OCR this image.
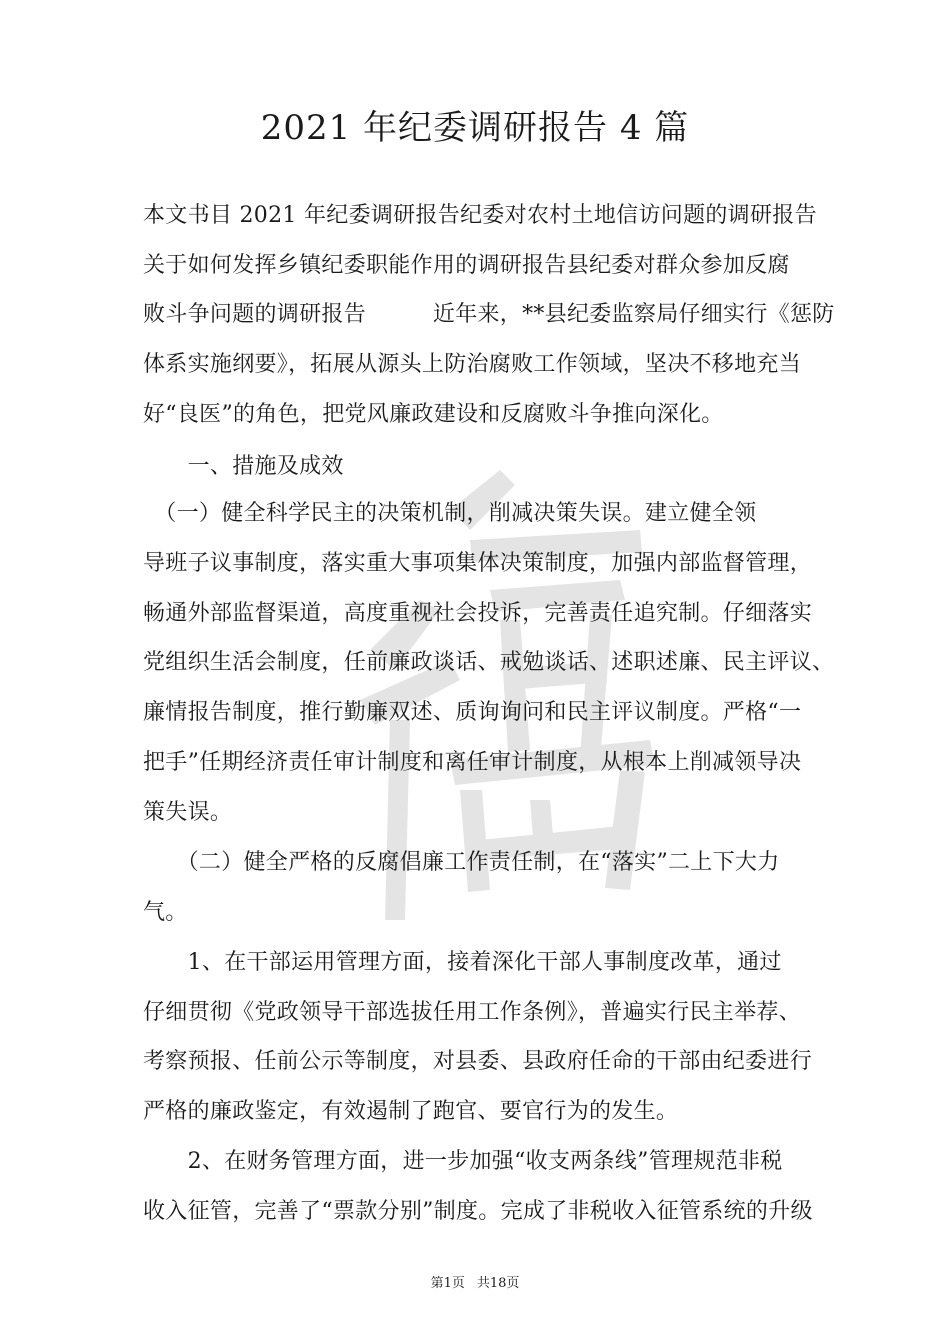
2021 年纪委调研报告 4 篇
本文书目 2021 年纪委调研报告纪委对农村土地信访问题的调研报告
关于如何发挥乡镇纪委职能作用的调研报告县纪委对群众参加反腐
败斗争问题的调研报告　　　近年来，**县纪委监察局仔细实行《惩防
体系实施纲要》，拓展从源头上防治腐败工作领域，坚决不移地充当
好“良医”的角色，把党风廉政建设和反腐败斗争推向深化。
　　一、措施及成效
　（一）健全科学民主的决策机制，削减决策失误。建立健全领
导班子议事制度，落实重大事项集体决策制度，加强内部监督管理，
畅通外部监督渠道，高度重视社会投诉，完善责任追究制。仔细落实
党组织生活会制度，任前廉政谈话、戒勉谈话、述职述廉、民主评议、
廉情报告制度，推行勤廉双述、质询询问和民主评议制度。严格“一
把手”任期经济责任审计制度和离任审计制度，从根本上削减领导决
策失误。
　　（二）健全严格的反腐倡廉工作责任制，在“落实”二上下大力
气。
　　1、在干部运用管理方面，接着深化干部人事制度改革，通过
仔细贯彻《党政领导干部选拔任用工作条例》，普遍实行民主举荐、
考察预报、任前公示等制度，对县委、县政府任命的干部由纪委进行
严格的廉政鉴定，有效遏制了跑官、要官行为的发生。
　　2、在财务管理方面，进一步加强“收支两条线”管理规范非税
收入征管，完善了“票款分别”制度。完成了非税收入征管系统的升级
第1页 共18页
